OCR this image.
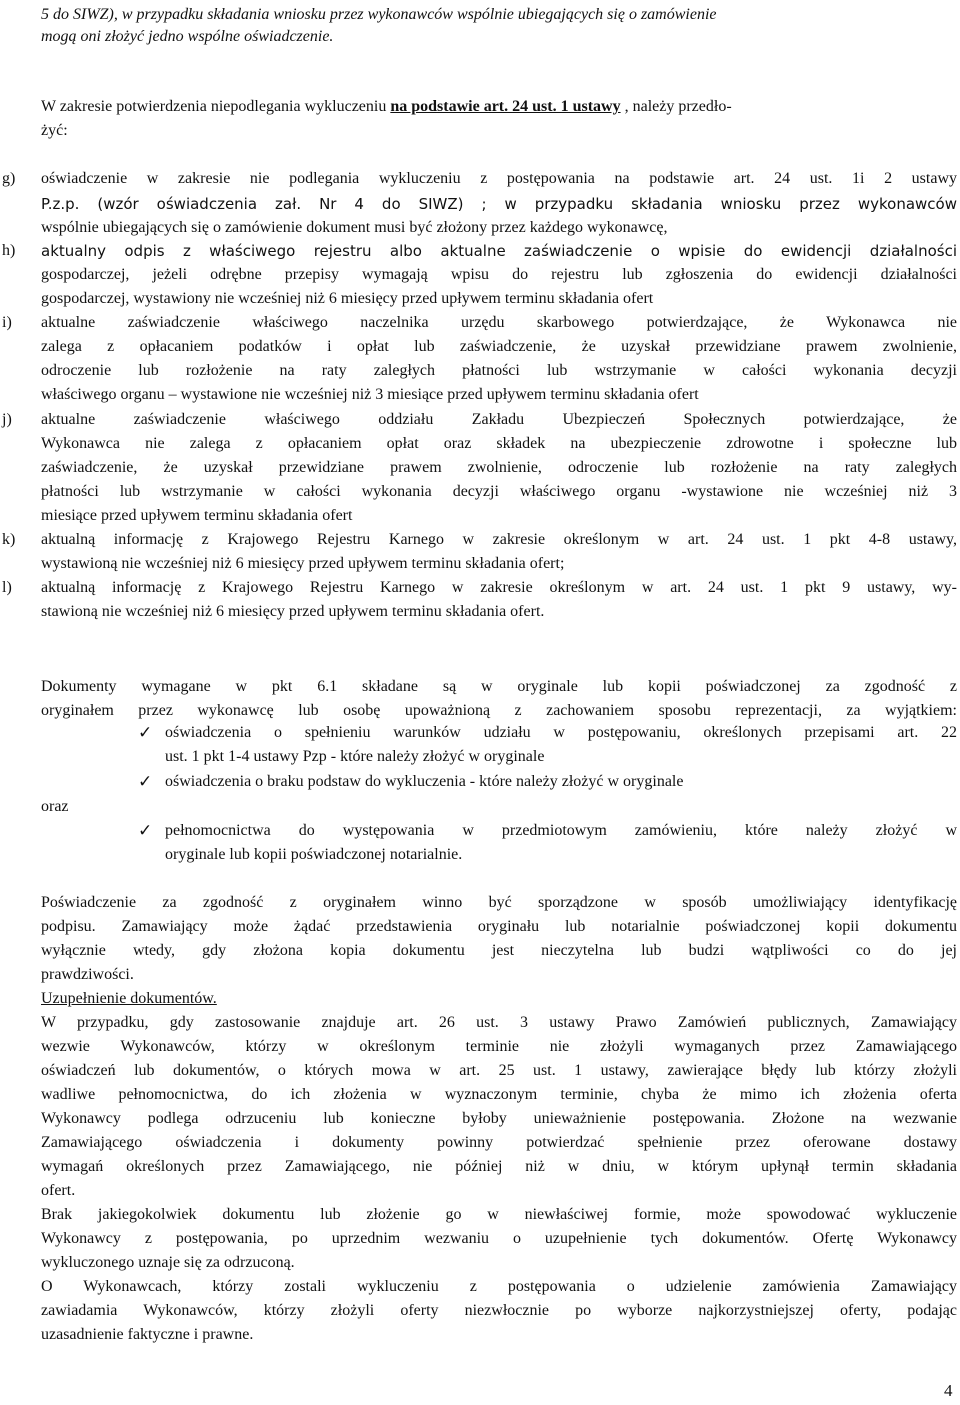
5 do SIWZ), w przypadku składania wniosku przez wykonawców wspólnie ubiegających się o zamówienie
mogą oni złożyć jedno wspólne oświadczenie.
W zakresie potwierdzenia niepodlegania wykluczeniu na podstawie art. 24 ust. 1 ustawy , należy przedło-
żyć:
g) oświadczenie w zakresie nie podlegania wykluczeniu z postępowania na podstawie art. 24 ust. 1i 2 ustawy
P.z.p. (wzór oświadczenia zał. Nr 4 do SIWZ) ; w przypadku składania wniosku przez wykonawców
wspólnie ubiegających się o zamówienie dokument musi być złożony przez każdego wykonawcę,
h) aktualny odpis z właściwego rejestru albo aktualne zaświadczenie o wpisie do ewidencji działalności
gospodarczej, jeżeli odrębne przepisy wymagają wpisu do rejestru lub zgłoszenia do ewidencji działalności
gospodarczej, wystawiony nie wcześniej niż 6 miesięcy przed upływem terminu składania ofert
i) aktualne zaświadczenie właściwego naczelnika urzędu skarbowego potwierdzające, że Wykonawca nie
zalega z opłacaniem podatków i opłat lub zaświadczenie, że uzyskał przewidziane prawem zwolnienie,
odroczenie lub rozłożenie na raty zaległych płatności lub wstrzymanie w całości wykonania decyzji
właściwego organu – wystawione nie wcześniej niż 3 miesiące przed upływem terminu składania ofert
j) aktualne zaświadczenie właściwego oddziału Zakładu Ubezpieczeń Społecznych potwierdzające, że
Wykonawca nie zalega z opłacaniem opłat oraz składek na ubezpieczenie zdrowotne i społeczne lub
zaświadczenie, że uzyskał przewidziane prawem zwolnienie, odroczenie lub rozłożenie na raty zaległych
płatności lub wstrzymanie w całości wykonania decyzji właściwego organu -wystawione nie wcześniej niż 3
miesiące przed upływem terminu składania ofert
k) aktualną informację z Krajowego Rejestru Karnego w zakresie określonym w art. 24 ust. 1 pkt 4-8 ustawy,
wystawioną nie wcześniej niż 6 miesięcy przed upływem terminu składania ofert;
l) aktualną informację z Krajowego Rejestru Karnego w zakresie określonym w art. 24 ust. 1 pkt 9 ustawy, wy-
stawioną nie wcześniej niż 6 miesięcy przed upływem terminu składania ofert.
Dokumenty wymagane w pkt 6.1 składane są w oryginale lub kopii poświadczonej za zgodność z
oryginałem przez wykonawcę lub osobę upoważnioną z zachowaniem sposobu reprezentacji, za wyjątkiem:
✓ oświadczenia o spełnieniu warunków udziału w postępowaniu, określonych przepisami art. 22
ust. 1 pkt 1-4 ustawy Pzp - które należy złożyć w oryginale
✓ oświadczenia o braku podstaw do wykluczenia - które należy złożyć w oryginale
oraz
✓ pełnomocnictwa do występowania w przedmiotowym zamówieniu, które należy złożyć w
oryginale lub kopii poświadczonej notarialnie.
Poświadczenie za zgodność z oryginałem winno być sporządzone w sposób umożliwiający identyfikację
podpisu. Zamawiający może żądać przedstawienia oryginału lub notarialnie poświadczonej kopii dokumentu
wyłącznie wtedy, gdy złożona kopia dokumentu jest nieczytelna lub budzi wątpliwości co do jej
prawdziwości.
Uzupełnienie dokumentów.
W przypadku, gdy zastosowanie znajduje art. 26 ust. 3 ustawy Prawo Zamówień publicznych, Zamawiający
wezwie Wykonawców, którzy w określonym terminie nie złożyli wymaganych przez Zamawiającego
oświadczeń lub dokumentów, o których mowa w art. 25 ust. 1 ustawy, zawierające błędy lub którzy złożyli
wadliwe pełnomocnictwa, do ich złożenia w wyznaczonym terminie, chyba że mimo ich złożenia oferta
Wykonawcy podlega odrzuceniu lub konieczne byłoby unieważnienie postępowania. Złożone na wezwanie
Zamawiającego oświadczenia i dokumenty powinny potwierdzać spełnienie przez oferowane dostawy
wymagań określonych przez Zamawiającego, nie później niż w dniu, w którym upłynął termin składania
ofert.
Brak jakiegokolwiek dokumentu lub złożenie go w niewłaściwej formie, może spowodować wykluczenie
Wykonawcy z postępowania, po uprzednim wezwaniu o uzupełnienie tych dokumentów. Ofertę Wykonawcy
wykluczonego uznaje się za odrzuconą.
O Wykonawcach, którzy zostali wykluczeniu z postępowania o udzielenie zamówienia Zamawiający
zawiadamia Wykonawców, którzy złożyli oferty niezwłocznie po wyborze najkorzystniejszej oferty, podając
uzasadnienie faktyczne i prawne.
4
